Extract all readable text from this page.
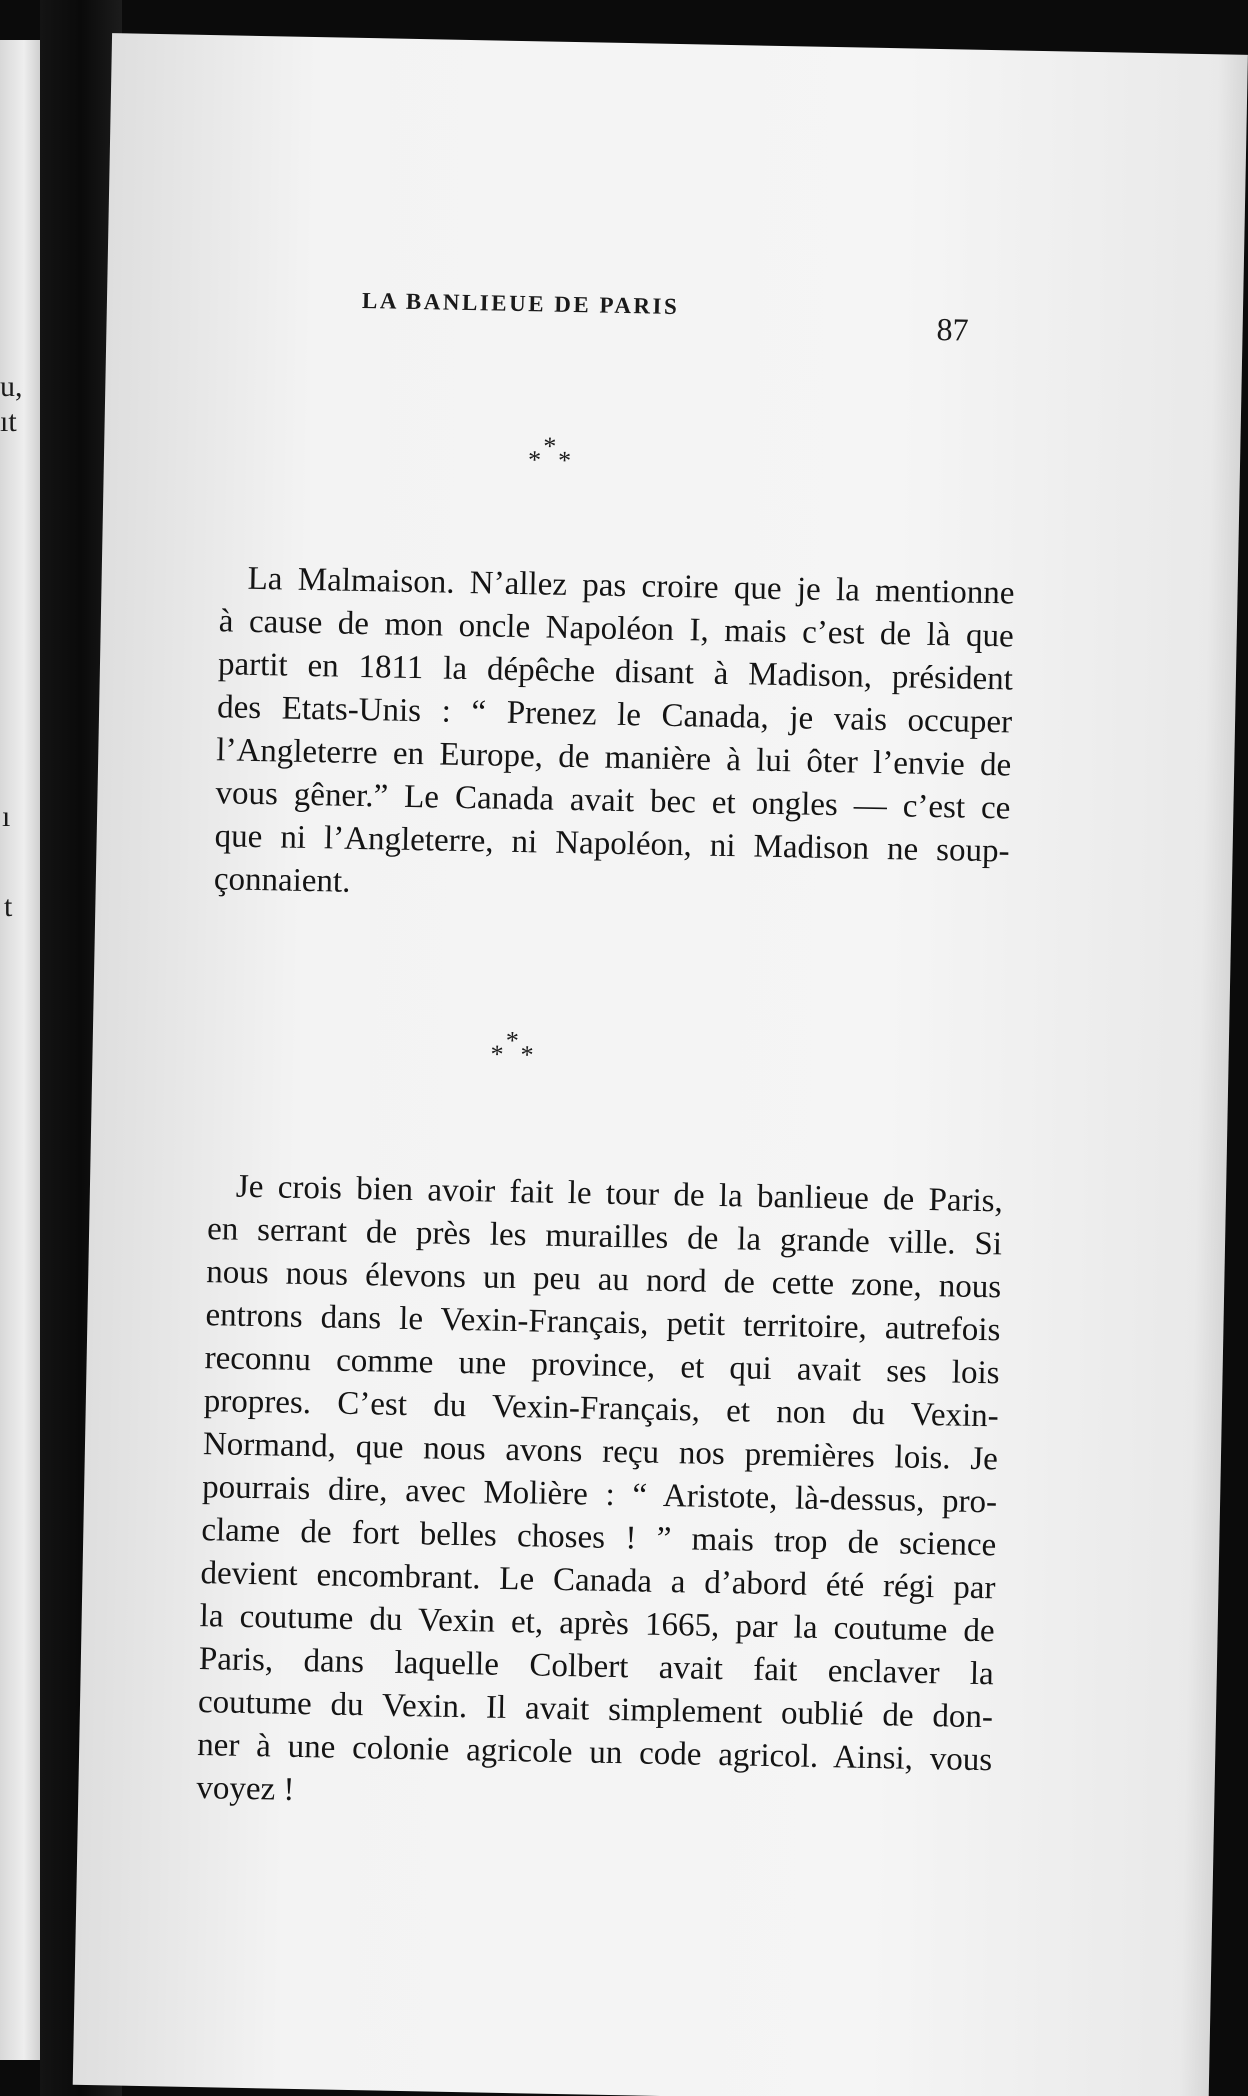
u,
ıt
ı
t
LA BANLIEUE DE PARIS
87
*
* *
La Malmaison. N’allez pas croire que je la mentionne
à cause de mon oncle Napoléon I, mais c’est de là que
partit en 1811 la dépêche disant à Madison, président
des Etats-Unis : “ Prenez le Canada, je vais occuper
l’Angleterre en Europe, de manière à lui ôter l’envie de
vous gêner.” Le Canada avait bec et ongles — c’est ce
que ni l’Angleterre, ni Napoléon, ni Madison ne soup-
çonnaient.
*
* *
Je crois bien avoir fait le tour de la banlieue de Paris,
en serrant de près les murailles de la grande ville. Si
nous nous élevons un peu au nord de cette zone, nous
entrons dans le Vexin-Français, petit territoire, autrefois
reconnu comme une province, et qui avait ses lois
propres. C’est du Vexin-Français, et non du Vexin-
Normand, que nous avons reçu nos premières lois. Je
pourrais dire, avec Molière : “ Aristote, là-dessus, pro-
clame de fort belles choses ! ” mais trop de science
devient encombrant. Le Canada a d’abord été régi par
la coutume du Vexin et, après 1665, par la coutume de
Paris, dans laquelle Colbert avait fait enclaver la
coutume du Vexin. Il avait simplement oublié de don-
ner à une colonie agricole un code agricol. Ainsi, vous
voyez !
